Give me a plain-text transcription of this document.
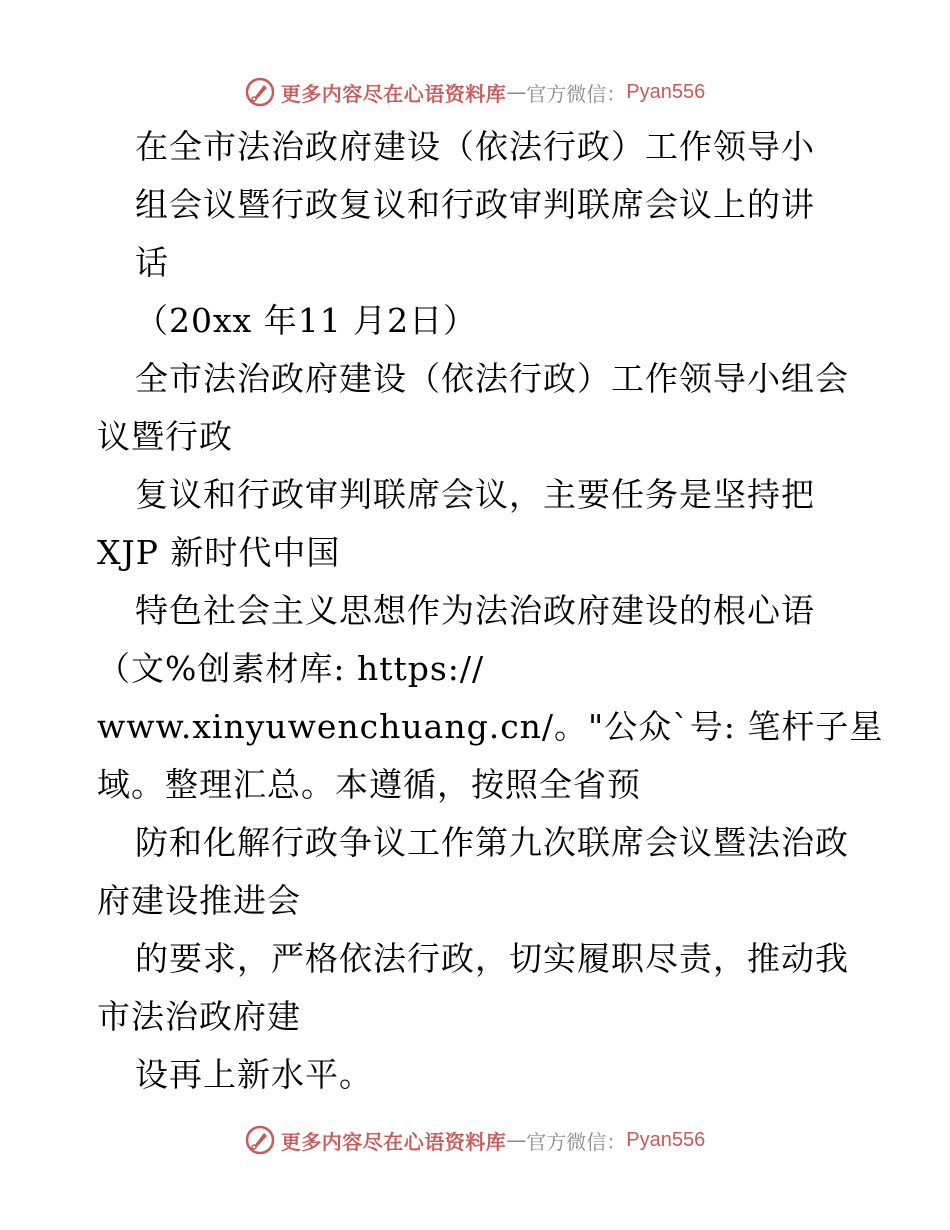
更多内容尽在心语资料库 — 官方微信： Pyan556
在全市法治政府建设（依法行政）工作领导小
组会议暨行政复议和行政审判联席会议上的讲
话
（20xx 年11 月2日）
全市法治政府建设（依法行政）工作领导小组会
议暨行政
复议和行政审判联席会议，主要任务是坚持把
XJP 新时代中国
特色社会主义思想作为法治政府建设的根心语
（文%创素材库: https://
www.xinyuwenchuang.cn/。"公众`号: 笔杆子星
域。整理汇总。本遵循，按照全省预
防和化解行政争议工作第九次联席会议暨法治政
府建设推进会
的要求，严格依法行政，切实履职尽责，推动我
市法治政府建
设再上新水平。
更多内容尽在心语资料库 — 官方微信： Pyan556
